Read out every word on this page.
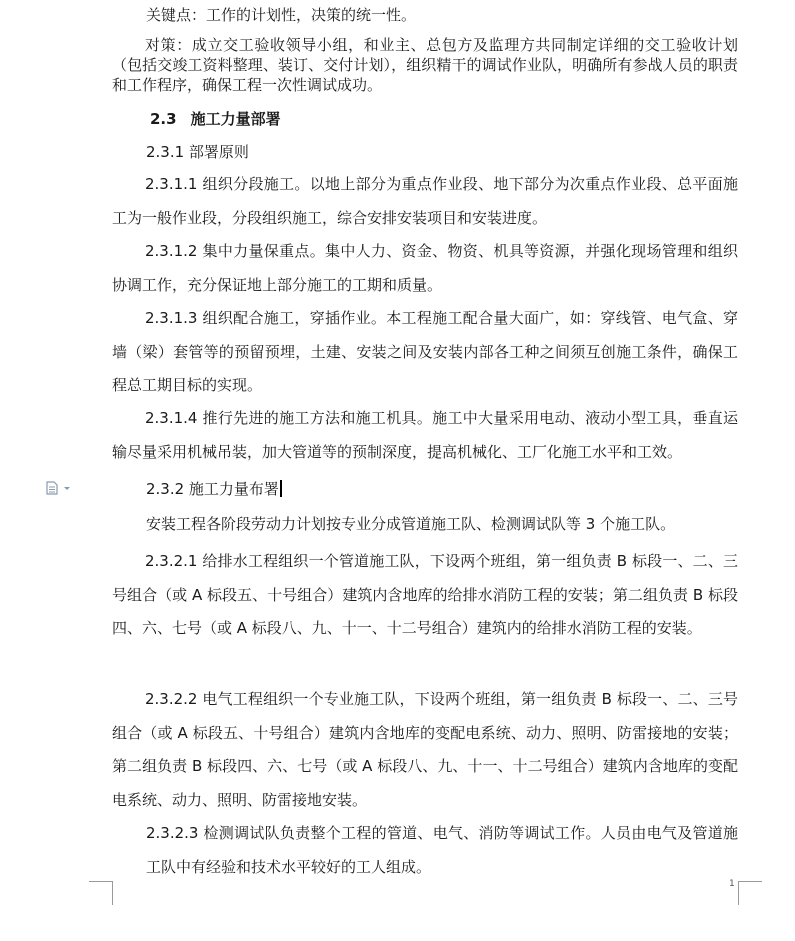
关键点：工作的计划性，决策的统一性。

对策：成立交工验收领导小组，和业主、总包方及监理方共同制定详细的交工验收计划（包括交竣工资料整理、装订、交付计划），组织精干的调试作业队，明确所有参战人员的职责和工作程序，确保工程一次性调试成功。

2.3 施工力量部署

2.3.1 部署原则

2.3.1.1 组织分段施工。以地上部分为重点作业段、地下部分为次重点作业段、总平面施工为一般作业段，分段组织施工，综合安排安装项目和安装进度。

2.3.1.2 集中力量保重点。集中人力、资金、物资、机具等资源，并强化现场管理和组织协调工作，充分保证地上部分施工的工期和质量。

2.3.1.3 组织配合施工，穿插作业。本工程施工配合量大面广，如：穿线管、电气盒、穿墙（梁）套管等的预留预埋，土建、安装之间及安装内部各工种之间须互创施工条件，确保工程总工期目标的实现。

2.3.1.4 推行先进的施工方法和施工机具。施工中大量采用电动、液动小型工具，垂直运输尽量采用机械吊装，加大管道等的预制深度，提高机械化、工厂化施工水平和工效。

2.3.2 施工力量布署

安装工程各阶段劳动力计划按专业分成管道施工队、检测调试队等 3 个施工队。

2.3.2.1 给排水工程组织一个管道施工队，下设两个班组，第一组负责 B 标段一、二、三号组合（或 A 标段五、十号组合）建筑内含地库的给排水消防工程的安装；第二组负责 B 标段四、六、七号（或 A 标段八、九、十一、十二号组合）建筑内的给排水消防工程的安装。

2.3.2.2 电气工程组织一个专业施工队，下设两个班组，第一组负责 B 标段一、二、三号组合（或 A 标段五、十号组合）建筑内含地库的变配电系统、动力、照明、防雷接地的安装；第二组负责 B 标段四、六、七号（或 A 标段八、九、十一、十二号组合）建筑内含地库的变配电系统、动力、照明、防雷接地安装。

2.3.2.3 检测调试队负责整个工程的管道、电气、消防等调试工作。人员由电气及管道施工队中有经验和技术水平较好的工人组成。

1
